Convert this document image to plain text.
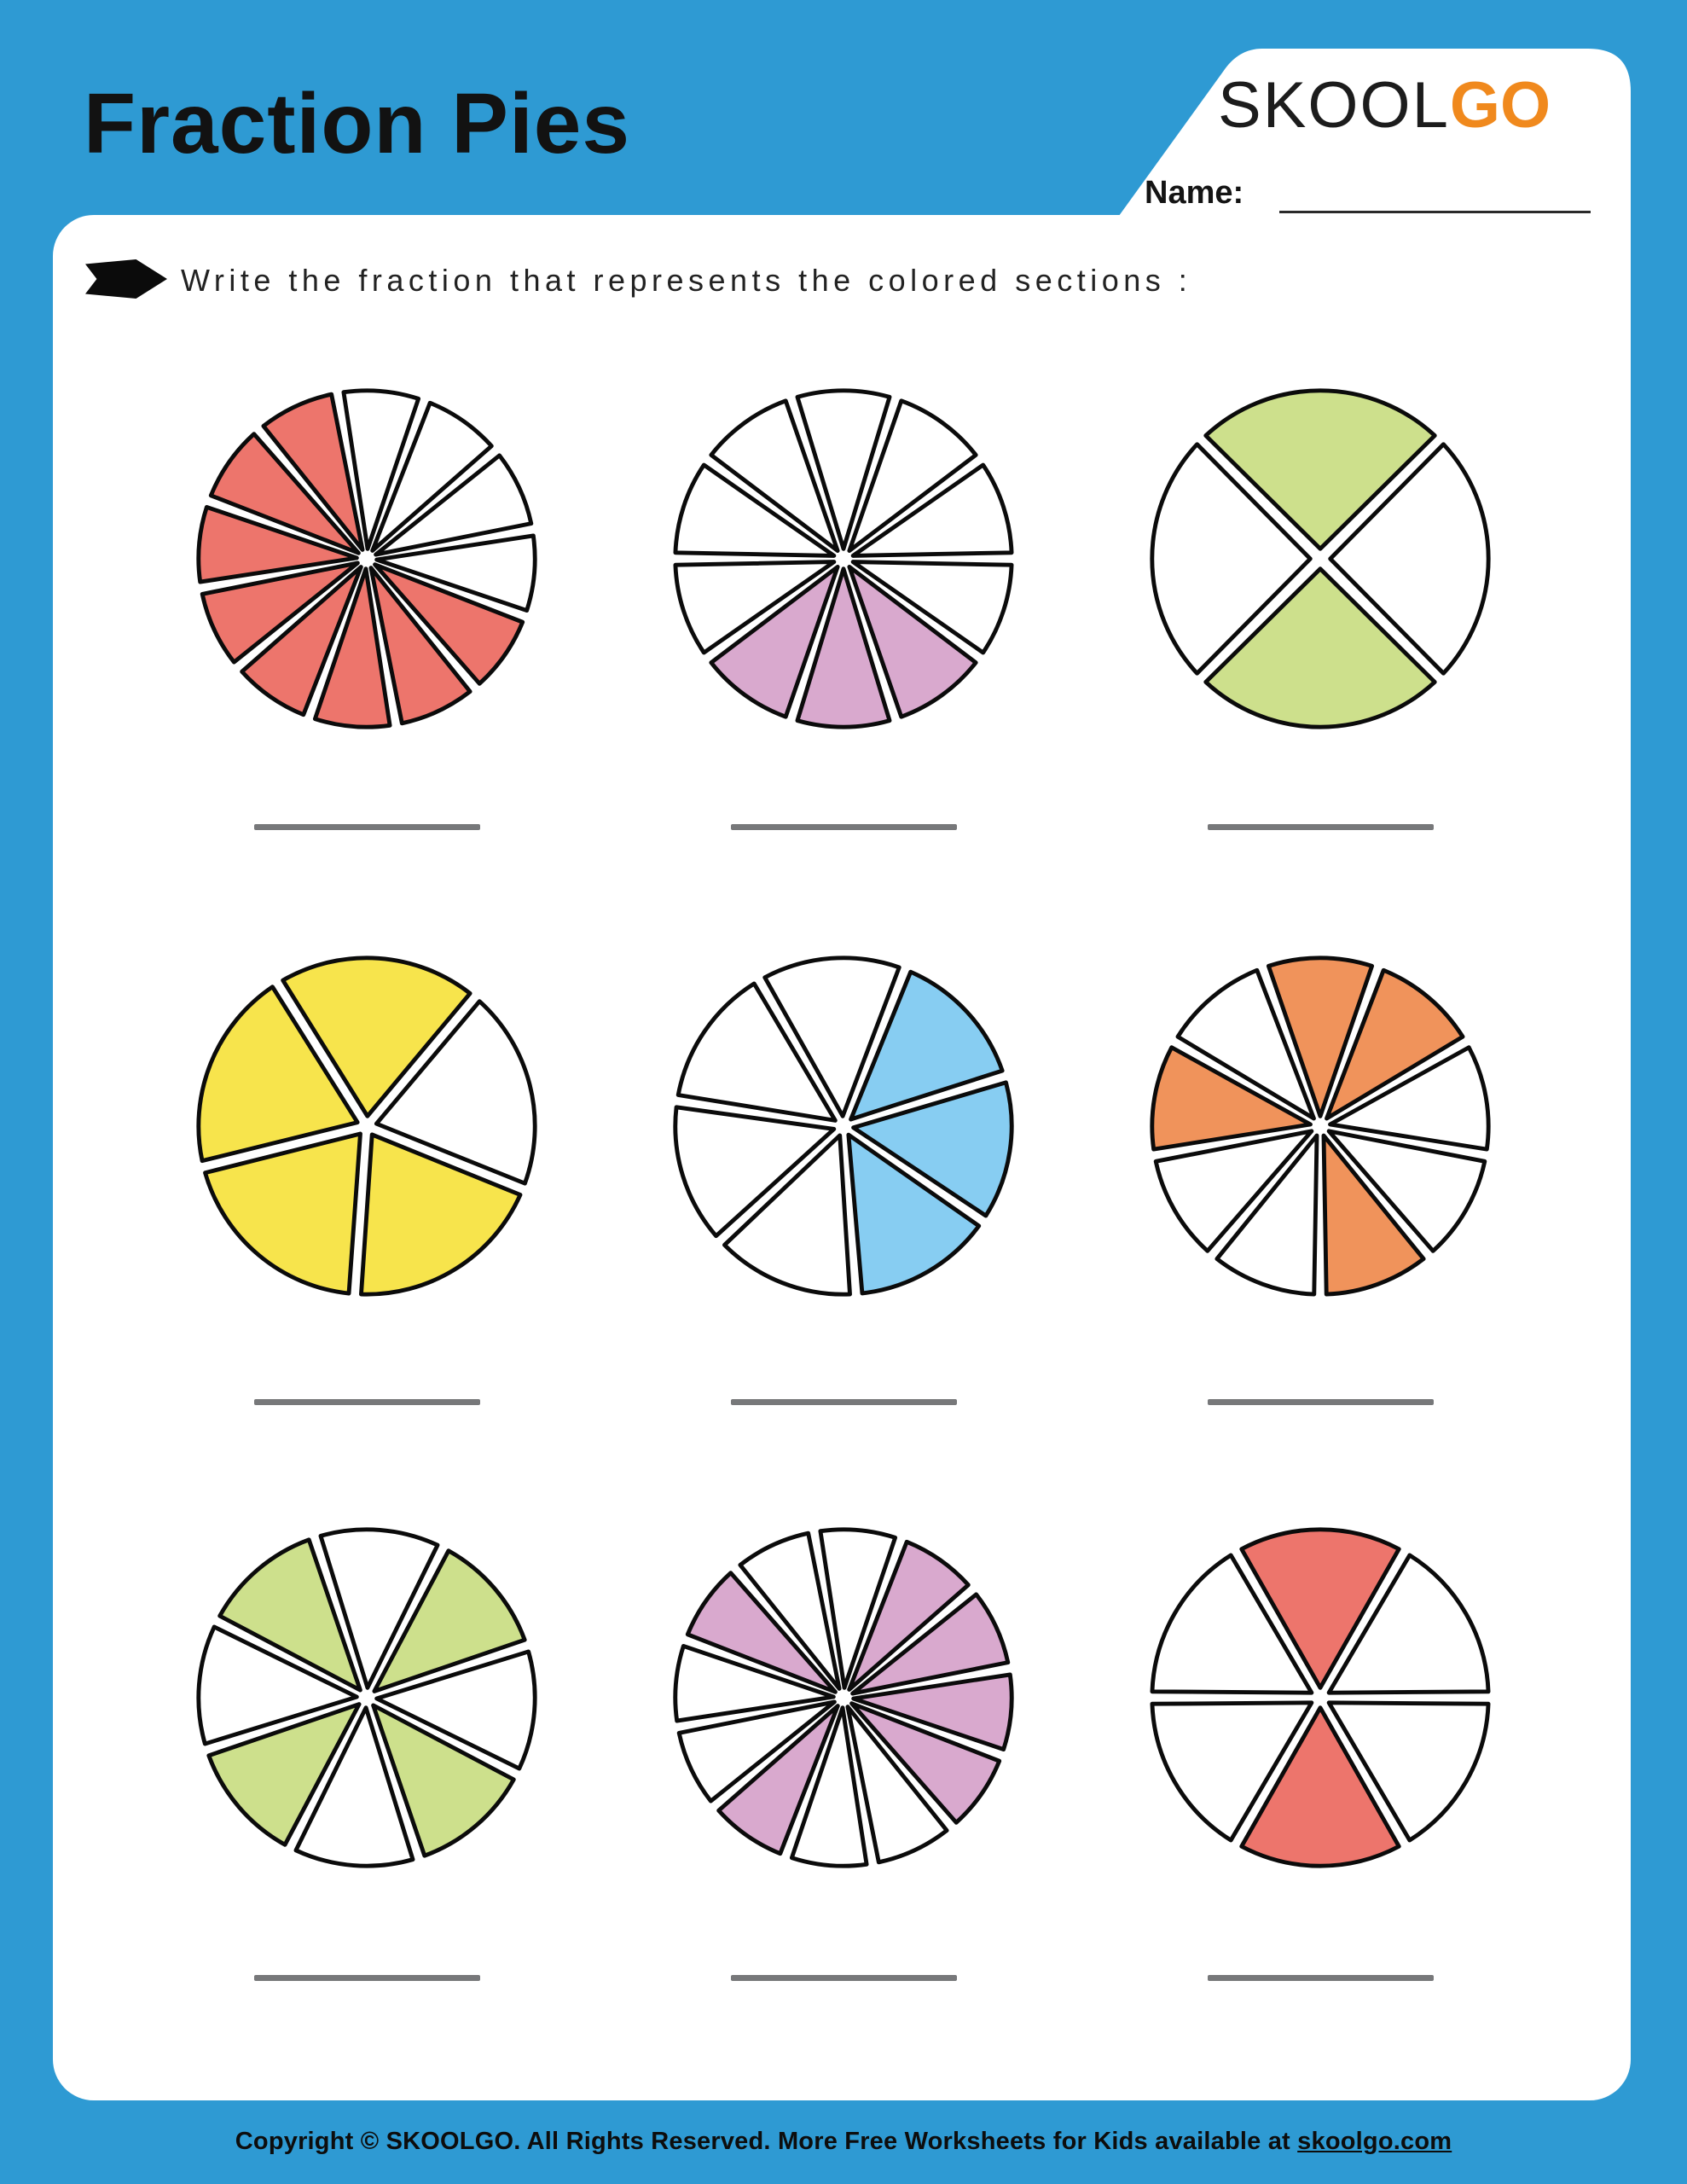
Fraction Pies	SKOOLGO
Name:
Write the fraction that represents the colored sections :
Copyright © SKOOLGO. All Rights Reserved. More Free Worksheets for Kids available at skoolgo.com
